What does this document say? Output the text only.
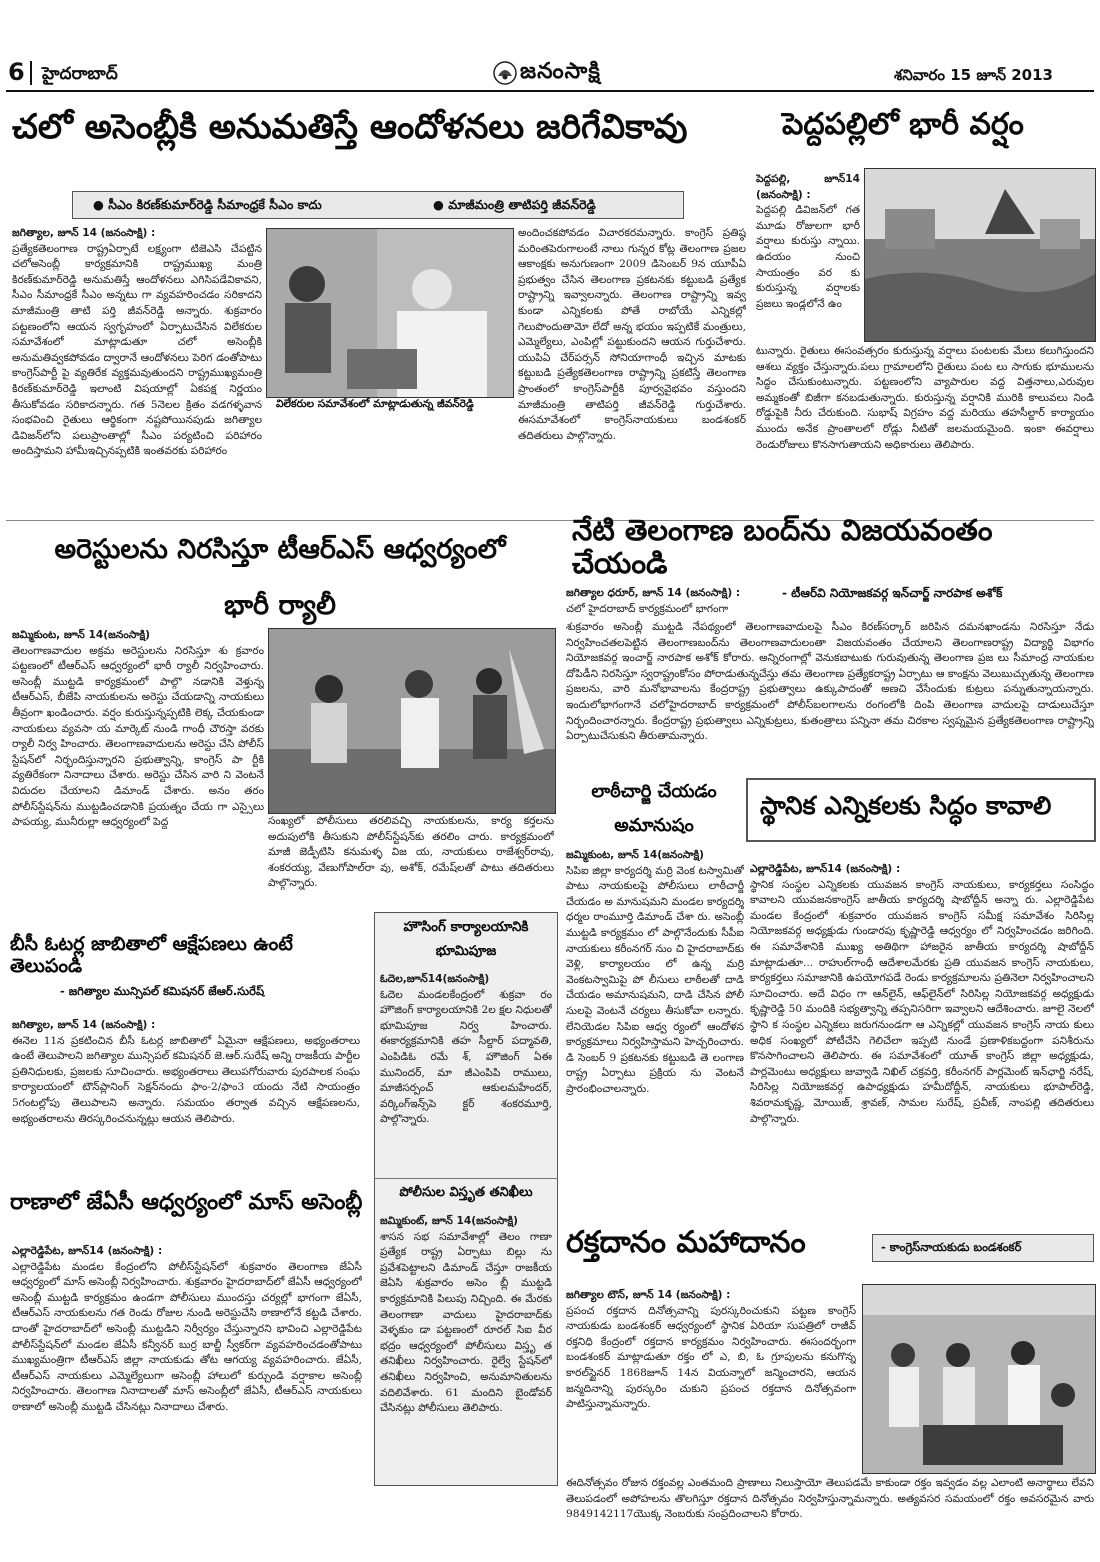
6 హైదరాబాద్	జనంసాక్షి	శనివారం 15 జూన్ 2013
చలో అసెంబ్లీకి అనుమతిస్తే ఆందోళనలు జరిగేవికావు
● సీఎం కిరణ్‌కుమార్‌రెడ్డి సీమాంధ్రకే సీఎం కాదు	● మాజీమంత్రి తాటిపర్తి జీవన్‌రెడ్డి
జగిత్యాల, జూన్ 14 (జనంసాక్షి) :
ప్రత్యేకతెలంగాణ రాష్ట్రఏర్పాటే లక్ష్యంగా టిజెఎసి చేపట్టిన చలోఅసెంబ్లీ కార్యక్రమానికి రాష్ట్రముఖ్య మంత్రి కిరణ్‌కుమార్‌రెడ్డి అనుమతిస్తే ఆందోళనలు ఎగిసిపడేవికావని, సీఎం సీమాంధ్రకే సీఎం అన్నటు గా వ్యవహరించడం సరికాదని మాజీమంత్రి తాటి పర్తి జీవన్‌రెడ్డి అన్నారు. శుక్రవారం పట్టణంలోని ఆయన స్వగృహంలో ఏర్పాటుచేసిన విలేకరుల సమావేశంలో మాట్లాడుతూ చలో అసెంబ్లీకి అనుమతివ్వకపోవడం ద్వారానే ఆందోళనలు పెరిగ డంతోపాటు కాంగ్రెస్‌పార్టీ పై వ్యతిరేక వ్యక్తమవుతుందని రాష్ట్రముఖ్యమంత్రి కిరణ్‌కుమార్‌రెడ్డి ఇలాంటి విషయాల్లో ఏకపక్ష నిర్ణయం తీసుకోవడం సరికాదన్నారు. గత 5నెలల క్రితం వడగళ్ళవాన సంభవించి రైతులు ఆర్థికంగా నష్టపోయినపుడు జగిత్యాల డివిజన్‌లోని పలుప్రాంతాల్లో సీఎం పర్యటించి పరిహారం అందిస్తామని హామీఇచ్చినప్పటికి ఇంతవరకు పరిహారం
విలేకరుల సమావేశంలో మాట్లాడుతున్న జీవన్‌రెడ్డి
అందించకపోవడం విచారకరమన్నారు. కాంగ్రెస్ ప్రతిష్ఠ మరింతపెరుగాలంటే నాలు గున్నర కోట్ల తెలంగాణ ప్రజల ఆకాంక్షకు అనుగుణంగా 2009 డిసెంబర్ 9న యూపీఏ ప్రభుత్వం చేసిన తెలంగాణ ప్రకటనకు కట్టుబడి ప్రత్యేక రాష్ట్రాన్ని ఇవ్వాలన్నారు. తెలంగాణ రాష్ట్రాన్ని ఇవ్వ కుండా ఎన్నికలకు పోతే రాబోయే ఎన్నికల్లో గెలుపొందుతామో లేదో అన్న భయం ఇప్పటికే మంత్రులు, ఎమ్మెల్యేలు, ఎంపిల్లో పట్టుకుందని ఆయన గుర్తుచేశారు. యుపిఏ చేర్‌పర్సన్ సోనియాగాంధీ ఇచ్చిన మాటకు కట్టుబడి ప్రత్యేకతెలంగాణ రాష్ట్రాన్ని ప్రకటిస్తే తెలంగాణ ప్రాంతంలో కాంగ్రెస్‌పార్టీకి పూర్వవైభవం వస్తుందని మాజీమంత్రి తాటిపర్తి జీవన్‌రెడ్డి గుర్తుచేశారు. ఈసమావేశంలో కాంగ్రెస్‌నాయకులు బండశంకర్ తదితరులు పాల్గొన్నారు.
పెద్దపల్లిలో భారీ వర్షం
పెద్దపల్లి, జూన్14 (జనంసాక్షి) :
పెద్దపల్లి డివిజన్‌లో గత మూడు రోజులగా భారీ వర్షాలు కురుస్తు న్నాయి. ఉదయం నుంచి సాయంత్రం వర కు కురుస్తున్న వర్షాలకు ప్రజలు ఇండ్లలోనే ఉం
టున్నారు. రైతులు ఈసంవత్సరం కురుస్తున్న వర్షాలు పంటలకు మేలు కలుగిస్తుందని ఆశలు వ్యక్తం చేస్తున్నారు.పలు గ్రామాలలోని రైతులు పంట లు సాగుకు భూములను సిద్ధం చేసుకుంటున్నారు. పట్టణంలోని వ్యాపారుల వద్ద విత్తనాలు,ఎరువుల అమ్మకంతో బిజీగా కనబడుతున్నారు. కురుస్తున్న వర్షానికి మురికి కాలువలు నిండి రోడ్డుపైకి నీరు చేరుకుంది. సుభాష్ విగ్రహం వద్ద మరియు తహసీల్దార్ కార్యాయం ముందు అనేక ప్రాంతాలలో రోడ్లు నీటితో జలమయమైంది. ఇంకా ఈవర్షాలు రెండురోజులు కొనసాగుతాయని అధికారులు తెలిపారు.
అరెస్టులను నిరసిస్తూ టీఆర్ఎస్ ఆధ్వర్యంలో
భారీ ర్యాలీ
జమ్మికుంట, జూన్ 14(జనంసాక్షి)
తెలంగాణవాదుల అక్రమ అరెస్టులను నిరసిస్తూ శు క్రవారం పట్టణంలో టీఆర్ఎస్ ఆధ్వర్యంలో భారీ ర్యాలీ నిర్వహించారు. అసెంబ్లీ ముట్టడి కార్యక్రమంలో పాల్గొ నడానికి వెళ్తున్న టీఆర్ఎస్, బీజేపి నాయకులను అరెస్టు చేయడాన్ని నాయకులు తీవ్రంగా ఖండించారు. వర్షం కురుస్తున్నప్పటికి లెక్క చేయకుండా నాయకులు వ్యవసా య మార్కెట్ నుండి గాంధీ చౌరస్తా వరకు ర్యాలీ నిర్వ హించారు. తెలంగాణవాదులను అరెస్టు చేసి పోలీస్ స్టేషన్‌లో నిర్భందిస్తున్నారని ప్రభుత్వాన్ని, కాంగ్రెస్ పా ర్టీకి వ్యతిరేకంగా నినాదాలు చేశారు. అరెస్టు చేసిన వారి ని వెంటనే విదుదల చేయాలని డిమాండ్ చేశారు. అనం తరం పోలీస్‌స్టేషన్‌ను ముట్టడించడానికి ప్రయత్నం చేయ గా ఎస్సైలు పాపయ్య, మునీరుల్లా ఆధ్వర్యంలో పెద్ద	సంఖ్యలో పోలీసులు తరలివచ్చి నాయకులను, కార్య కర్తలను అదుపులోకి తీసుకుని పోలీస్‌స్టేషన్‌కు తరలిం చారు. కార్యక్రమంలో మాజీ జెడ్పీటిసి కనుమళ్ళ విజ య, నాయకులు రాజేశ్వర్‌రావు, శంకరయ్య, వేణుగోపాల్‌రా వు, అశోక్, రమేష్‌లతో పాటు తదితరులు పాల్గొన్నారు.
నేటి తెలంగాణ బంద్‌ను విజయవంతం చేయండి
- టీఆర్‌వి నియోజకవర్గ ఇన్‌చార్జ్ నారపాక అశోక్
జగిత్యాల ధరూర్, జూన్ 14 (జనంసాక్షి) :
చలో హైదరాబాద్ కార్యక్రమంలో భాగంగా
శుక్రవారం అసెంబ్లీ ముట్టడి నేపథ్యంలో తెలంగాణవాదులపై సీఎం కిరణ్‌సర్కార్ జరిపిన దమనఖాండను నిరసిస్తూ నేడు నిర్వహించతలపెట్టిన తెలంగాణబంద్‌ను తెలంగాణవాదులంతా విజయవంతం చేయాలని తెలంగాణరాష్ట్ర విద్యార్థి విభాగం నియోజకవర్గ ఇంచార్జ్ నారపాక అశోక్ కోరారు. అన్నిరంగాల్లో వెనుకబాటుకు గురువుతున్న తెలంగాణ ప్రజ లు సీమాంధ్ర నాయకుల దోపిడీని నిరసిస్తూ స్వరాష్ట్రంకోసం పోరాడుతున్నచేస్తు తమ తెలంగాణ ప్రత్యేకరాష్ట్ర ఏర్పాటు ఆ కాంక్షను వెలుబుచ్చుతున్న తెలంగాణ ప్రజలను, వారి మనోభావాలను కేంద్రరాష్ట్ర ప్రభుత్వాలు ఉక్కుపాదంతో అణచి వేసేందుకు కుట్రలు పన్నుతున్నాయన్నారు. ఇందులోభాగంగానే చలోహైదరాబాద్ కార్యక్రమంలో పోలీస్‌బలగాలను రంగంలోకి దింపి తెలంగాణ వాదులపై దాడులుచేస్తూ నిర్భందించారన్నారు. కేంద్రరాష్ట్ర ప్రభుత్వాలు ఎన్నికుట్రలు, కుతంత్రాలు పన్నినా తమ చిరకాల స్వప్నమైన ప్రత్యేకతెలంగాణ రాష్ట్రాన్ని ఏర్పాటుచేసుకుని తీరుతామన్నారు.
లాఠీచార్జి చేయడం
అమానుషం
జమ్మికుంట, జూన్ 14(జనంసాక్షి)
సిపిఐ జిల్లా కార్యదర్శి మర్రి వెంక టస్వామితో పాటు నాయకులపై పోలీసులు లాఠీచార్జీ చేయడం అ మానుషమని మండల కార్యదర్శి ధర్మల రాంమూర్తి డిమాండ్ చేశా రు. అసెంబ్లీ ముట్టడి కార్యక్రమం లో పాల్గొనేందుకు సీపీఐ నాయకులు కరీంనగర్ నుం చి హైదరాబాద్‌కు వెళ్లి, కార్యాలయం లో ఉన్న మర్రి వెంకటస్వామిపై పో లీసులు లాఠీలతో దాడి చేయడం అమానుషమని, దాడి చేసిన పోలీ సులపై వెంటనే చర్యలు తీసుకోవా లన్నారు. లేనియెడల సిపిఐ ఆధ్వ ర్యంలో ఆందోళన కార్యక్రమాలు నిర్వహిస్తామని హెచ్చరించారు. డి సెంబర్ 9 ప్రకటనకు కట్టుబడి తె లంగాణ రాష్ట్ర ఏర్పాటు ప్రక్రియ ను వెంటనే ప్రారంభించాలన్నారు.
స్థానిక ఎన్నికలకు సిద్ధం కావాలి
ఎల్లారెడ్డిపేట, జూన్14 (జనంసాక్షి) :
స్థానిక సంస్థల ఎన్నికలకు యువజన కాంగ్రెస్ నాయకులు, కార్యకర్తలు సంసిద్ధం కావాలని యువజనకాంగ్రెస్ జాతీయ కార్యదర్శి షాబోద్దీన్ అన్నా రు. ఎల్లారెడ్డిపేట మండల కేంద్రంలో శుక్రవారం యువజన కాంగ్రెస్ సమీక్ష సమావేశం సిరిసిల్ల నియోజకవర్గ అధ్యక్షుడు గుండారపు కృష్ణారెడ్డి ఆధ్వర్యం లో నిర్వహించడం జరిగింది. ఈ సమావేశానికి ముఖ్య అతిథిగా హాజరైన జాతీయ కార్యదర్శి షాబోద్దీన్ మాట్లాడుతూ... రాహుల్‌గాంధీ ఆదేశాలమేరకు ప్రతి యువజన కాంగ్రెస్ నాయకులు, కార్యకర్తలు సమాజానికి ఉపయోగపడే రెండు కార్యక్రమాలను ప్రతినెలా నిర్వహించాలని సూచించారు. అదే విధం గా ఆన్‌లైన్, ఆఫ్‌లైన్‌లో సిరిసిల్ల నియోజకవర్గ అధ్యక్షుడు కృష్ణారెడ్డి 50 మందికి సభ్యత్వాన్ని తప్పనిసరిగా ఇవ్వాలని ఆదేశించారు. జూలై నెలలో స్థాని క సంస్థల ఎన్నికలు జరుగనుండగా ఆ ఎన్నికల్లో యువజన కాంగ్రెస్ నాయ కులు అధిక సంఖ్యలో పోటీచేసి గెలిచేలా ఇప్పటి నుండే ప్రణాళికబద్దంగా పనిశీరును కొనసాగించాలని తెలిపారు. ఈ సమావేశంలో యూత్ కాంగ్రెస్ జిల్లా అధ్యక్షుడు, పార్లమెంటు అధ్యక్షులు జువ్వాడి నిఖిల్ చక్రవర్తి, కరీంనగర్ పార్లమెంట్ ఇన్‌ఛార్జి నరేష్, సిరిసిల్ల నియోజకవర్గ ఉపాధ్యక్షుడు హమీదోద్దీన్, నాయకులు భూపాల్‌రెడ్డి, శివరామకృష్ణ, మోయిజ్, శ్రావణ్, సామల సురేష్, ప్రవీణ్, నాంపల్లి తదితరులు పాల్గొన్నారు.
బీసీ ఓటర్ల జాబితాలో ఆక్షేపణలు ఉంటే తెలుపండి
- జగిత్యాల మున్సిపల్ కమిషనర్ జేఆర్.సురేష్
జగిత్యాల, జూన్ 14 (జనంసాక్షి) :
ఈనెల 11న ప్రకటించిన బీసీ ఓటర్ల జాబితాలో ఏమైనా ఆక్షేపణలు, అభ్యంతరాలు ఉంటే తెలుపాలని జగిత్యాల మున్సిపల్ కమిషనర్ జె.ఆర్.సురేష్ అన్ని రాజకీయ పార్టీల ప్రతినిధులకు, ప్రజలకు సూచించారు. అభ్యంతరాలు తెలుపగోరువారు పురపాలక సంఘ కార్యాలయంలో టౌన్‌ప్లానింగ్ సెక్షన్‌నందు ఫాం-2/ఫాం3 యందు నేటి సాయంత్రం 5గంటల్లోపు తెలుపాలని అన్నారు. సమయం తర్వాత వచ్చిన ఆక్షేపణలను, అభ్యంతరాలను తిరస్కరించనున్నట్లు ఆయన తెలిపారు.
హౌసింగ్ కార్యాలయానికి
భూమిపూజ
ఓదెల,జూన్14(జనంసాక్షి)
ఓదెల మండలకేంద్రంలో శుక్రవా రం హౌజింగ్ కార్యాలయానికి 2ల క్షల నిధులతో భూమిపూజ నిర్వ హించారు. ఈకార్యక్రమానికి తహ సీల్దార్ పద్మావతి, ఎంపిడిఓ రమే శ్, హౌజింగ్ ఏఈ మునిందర్, మా జీఎంపిపి రాములు, మాజీసర్పంచ్ ఆకులమహేందర్, వర్కింగ్‌ఇన్స్‌పె క్టర్ శంకరమూర్తి, పాల్గొన్నారు.
పోలీసుల విస్తృత తనిఖీలు
జమ్మికుంట్, జూన్ 14(జనంసాక్షి)
శాసన సభ సమావేశాల్లో తెలం గాణా ప్రత్యేక రాష్ట్ర ఏర్పాటు బిల్లు ను ప్రవేశపెట్టాలని డిమాండ్ చేస్తూ రాజకీయ జెఏసి శుక్రవారం అసెం బ్లీ ముట్టడి కార్యక్రమానికి పిలుపు నిచ్చింది. ఈ మేరకు తెలంగాణా వాదులు హైదరాబాద్‌కు వెళ్ళకుం డా పట్టణంలో రూరల్ సిఐ వీర భద్రం ఆధ్వర్యంలో పోలీసులు విస్తృ త తనిఖీలు నిర్వహించారు. రైల్వే స్టేషన్‌లో తనిఖీలు నిర్వహించి, అనుమానితులను వదిలివేశారు. 61 మందిని బైండోవర్ చేసినట్లు పోలీసులు తెలిపారు.
రాణాలో జేఏసీ ఆధ్వర్యంలో మాస్ అసెంబ్లీ
ఎల్లారెడ్డిపేట, జూన్14 (జనంసాక్షి) :
ఎల్లారెడ్డిపేట మండల కేంద్రంలోని పోలీస్‌స్టేషన్‌లో శుక్రవారం తెలంగాణ జేఏసీ ఆధ్వర్యంలో మాస్ అసెంబ్లీ నిర్వహించారు. శుక్రవారం హైదరాబాద్‌లో జేఏసీ ఆధ్వర్యంలో అసెంబ్లీ ముట్టడి కార్యక్రమం ఉండగా పోలీసులు ముందస్తు చర్యల్లో భాగంగా జేఏసీ, టీఆర్ఎస్ నాయకులను గత రెండు రోజుల నుండి అరెస్టుచేసి ఠాణాలోనే కట్టడి చేశారు. దాంతో హైదరాబాద్‌లో అసెంబ్లీ ముట్టడిని నిర్వీర్యం చేస్తున్నారని భావించి ఎల్లారెడ్డిపేట పోలీస్‌స్టేషన్‌లో మండల జేఏసీ కన్వీనర్ బుర్ర బాల్జీ స్వీకర్‌గా వ్యవహరించడంతోపాటు ముఖ్యమంత్రిగా టీఆర్ఎస్ జిల్లా నాయకుడు తోట ఆగయ్య వ్యవహరించారు. జేఏసీ, టీఆర్ఎస్ నాయకులు ఎమ్మెల్యేలుగా అసెంబ్లీ హాలులో కుర్చుండి వర్షాకాల అసెంబ్లీ నిర్వహించారు. తెలంగాణ నినాదాలతో మాస్ అసెంబ్లీలో జేఏసీ, టీఆర్ఎస్ నాయకులు ఠాణాలో అసెంబ్లీ ముట్టడి చేసినట్లు నినాదాలు చేశారు.
రక్తదానం మహాదానం	- కాంగ్రెస్‌నాయకుడు బండశంకర్
జగిత్యాల టౌన్, జూన్ 14 (జనంసాక్షి) :
ప్రపంచ రక్తదాన దినోత్సవాన్ని పురస్కరించుకుని పట్టణ కాంగ్రెస్ నాయకుడు బండశంకర్ ఆధ్వర్యంలో స్థానిక ఏరియా సుపత్రిలో రాజీవ్ రక్తనిధి కేంద్రంలో రక్తదాన కార్యక్రమం నిర్వహించారు. ఈసందర్భంగా బండశంకర్ మాట్లాడుతూ రక్తం లో ఎ, బి, ఓ గ్రూపులను కనుగొన్న కారల్‌స్టైనర్ 1868జూన్ 14న వియన్నాలో జన్మించారని, ఆయన జన్మదినాన్ని పురస్కరిం చుకుని ప్రపంచ రక్తదాన దినోత్సవంగా పాటిస్తున్నామన్నారు.
ఈదినోత్సవం రోజున రక్తంవల్ల ఎంతమంది ప్రాణాలు నిలుస్తాయో తెలుపడమే కాకుండా రక్తం ఇవ్వడం వల్ల ఎలాంటి అనార్థాలు లేవని తెలుపడంలో అపోహలను తొలగిస్తూ రక్తదాన దినోత్సవం నిర్వహిస్తున్నామన్నారు. అత్యవసర సమయంలో రక్తం అవసరమైన వారు 9849142117యొక్క నెంబరుకు సంప్రదించాలని కోరారు.
